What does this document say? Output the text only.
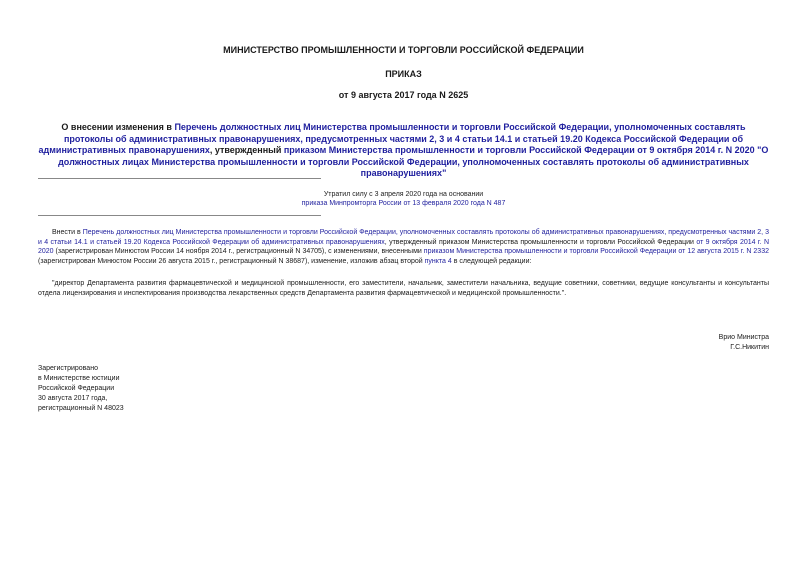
МИНИСТЕРСТВО ПРОМЫШЛЕННОСТИ И ТОРГОВЛИ РОССИЙСКОЙ ФЕДЕРАЦИИ
ПРИКАЗ
от 9 августа 2017 года N 2625
О внесении изменения в Перечень должностных лиц Министерства промышленности и торговли Российской Федерации, уполномоченных составлять протоколы об административных правонарушениях, предусмотренных частями 2, 3 и 4 статьи 14.1 и статьей 19.20 Кодекса Российской Федерации об административных правонарушениях, утвержденный приказом Министерства промышленности и торговли Российской Федерации от 9 октября 2014 г. N 2020 "О должностных лицах Министерства промышленности и торговли Российской Федерации, уполномоченных составлять протоколы об административных правонарушениях"
Утратил силу с 3 апреля 2020 года на основании
приказа Минпромторга России от 13 февраля 2020 года N 487
Внести в Перечень должностных лиц Министерства промышленности и торговли Российской Федерации, уполномоченных составлять протоколы об административных правонарушениях, предусмотренных частями 2, 3 и 4 статьи 14.1 и статьей 19.20 Кодекса Российской Федерации об административных правонарушениях, утвержденный приказом Министерства промышленности и торговли Российской Федерации от 9 октября 2014 г. N 2020 (зарегистрирован Минюстом России 14 ноября 2014 г., регистрационный N 34705), с изменениями, внесенными приказом Министерства промышленности и торговли Российской Федерации от 12 августа 2015 г. N 2332 (зарегистрирован Минюстом России 26 августа 2015 г., регистрационный N 38687), изменение, изложив абзац второй пункта 4 в следующей редакции:
"директор Департамента развития фармацевтической и медицинской промышленности, его заместители, начальник, заместители начальника, ведущие советники, советники, ведущие консультанты и консультанты отдела лицензирования и инспектирования производства лекарственных средств Департамента развития фармацевтической и медицинской промышленности.".
Врио Министра
Г.С.Никитин
Зарегистрировано
в Министерстве юстиции
Российской Федерации
30 августа 2017 года,
регистрационный N 48023
